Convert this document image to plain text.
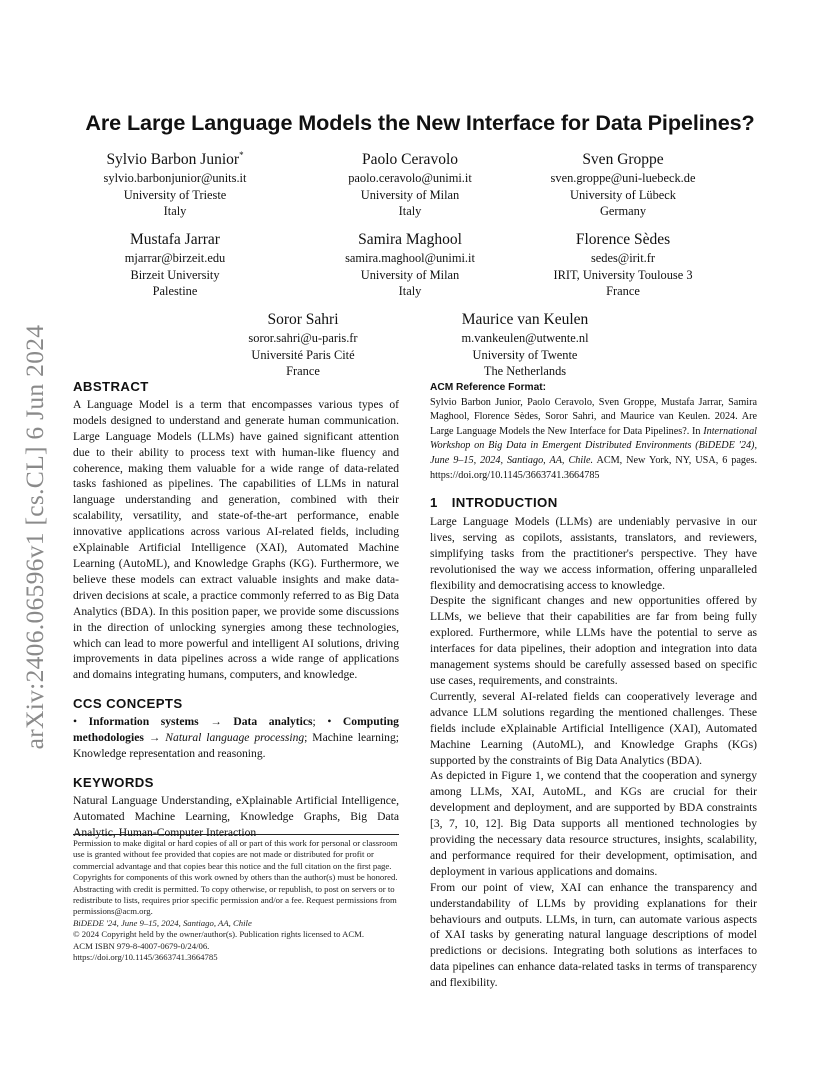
arXiv:2406.06596v1 [cs.CL] 6 Jun 2024
Are Large Language Models the New Interface for Data Pipelines?
Sylvio Barbon Junior*
sylvio.barbonjunior@units.it
University of Trieste
Italy
Paolo Ceravolo
paolo.ceravolo@unimi.it
University of Milan
Italy
Sven Groppe
sven.groppe@uni-luebeck.de
University of Lübeck
Germany
Mustafa Jarrar
mjarrar@birzeit.edu
Birzeit University
Palestine
Samira Maghool
samira.maghool@unimi.it
University of Milan
Italy
Florence Sèdes
sedes@irit.fr
IRIT, University Toulouse 3
France
Soror Sahri
soror.sahri@u-paris.fr
Université Paris Cité
France
Maurice van Keulen
m.vankeulen@utwente.nl
University of Twente
The Netherlands
ABSTRACT

A Language Model is a term that encompasses various types of models designed to understand and generate human communication. Large Language Models (LLMs) have gained significant attention due to their ability to process text with human-like fluency and coherence, making them valuable for a wide range of data-related tasks fashioned as pipelines. The capabilities of LLMs in natural language understanding and generation, combined with their scalability, versatility, and state-of-the-art performance, enable innovative applications across various AI-related fields, including eXplainable Artificial Intelligence (XAI), Automated Machine Learning (AutoML), and Knowledge Graphs (KG). Furthermore, we believe these models can extract valuable insights and make data-driven decisions at scale, a practice commonly referred to as Big Data Analytics (BDA). In this position paper, we provide some discussions in the direction of unlocking synergies among these technologies, which can lead to more powerful and intelligent AI solutions, driving improvements in data pipelines across a wide range of applications and domains integrating humans, computers, and knowledge.

CCS CONCEPTS

• Information systems → Data analytics; • Computing methodologies → Natural language processing; Machine learning; Knowledge representation and reasoning.

KEYWORDS

Natural Language Understanding, eXplainable Artificial Intelligence, Automated Machine Learning, Knowledge Graphs, Big Data Analytic, Human-Computer Interaction

Permission to make digital or hard copies of all or part of this work for personal or classroom use is granted without fee provided that copies are not made or distributed for profit or commercial advantage and that copies bear this notice and the full citation on the first page. Copyrights for components of this work owned by others than the author(s) must be honored. Abstracting with credit is permitted. To copy otherwise, or republish, to post on servers or to redistribute to lists, requires prior specific permission and/or a fee. Request permissions from permissions@acm.org.

BiDEDE '24, June 9–15, 2024, Santiago, AA, Chile

© 2024 Copyright held by the owner/author(s). Publication rights licensed to ACM.

ACM ISBN 979-8-4007-0679-0/24/06.

https://doi.org/10.1145/3663741.3664785

ACM Reference Format:

Sylvio Barbon Junior, Paolo Ceravolo, Sven Groppe, Mustafa Jarrar, Samira Maghool, Florence Sèdes, Soror Sahri, and Maurice van Keulen. 2024. Are Large Language Models the New Interface for Data Pipelines?. In International Workshop on Big Data in Emergent Distributed Environments (BiDEDE '24), June 9–15, 2024, Santiago, AA, Chile. ACM, New York, NY, USA, 6 pages. https://doi.org/10.1145/3663741.3664785

1 INTRODUCTION

Large Language Models (LLMs) are undeniably pervasive in our lives, serving as copilots, assistants, translators, and reviewers, simplifying tasks from the practitioner's perspective. They have revolutionised the way we access information, offering unparalleled flexibility and democratising access to knowledge.

Despite the significant changes and new opportunities offered by LLMs, we believe that their capabilities are far from being fully explored. Furthermore, while LLMs have the potential to serve as interfaces for data pipelines, their adoption and integration into data management systems should be carefully assessed based on specific use cases, requirements, and constraints.

Currently, several AI-related fields can cooperatively leverage and advance LLM solutions regarding the mentioned challenges. These fields include eXplainable Artificial Intelligence (XAI), Automated Machine Learning (AutoML), and Knowledge Graphs (KGs) supported by the constraints of Big Data Analytics (BDA).

As depicted in Figure 1, we contend that the cooperation and synergy among LLMs, XAI, AutoML, and KGs are crucial for their development and deployment, and are supported by BDA constraints [3, 7, 10, 12]. Big Data supports all mentioned technologies by providing the necessary data resource structures, insights, scalability, and performance required for their development, optimisation, and deployment in various applications and domains.

From our point of view, XAI can enhance the transparency and understandability of LLMs by providing explanations for their behaviours and outputs. LLMs, in turn, can automate various aspects of XAI tasks by generating natural language descriptions of model predictions or decisions. Integrating both solutions as interfaces to data pipelines can enhance data-related tasks in terms of transparency and flexibility.
